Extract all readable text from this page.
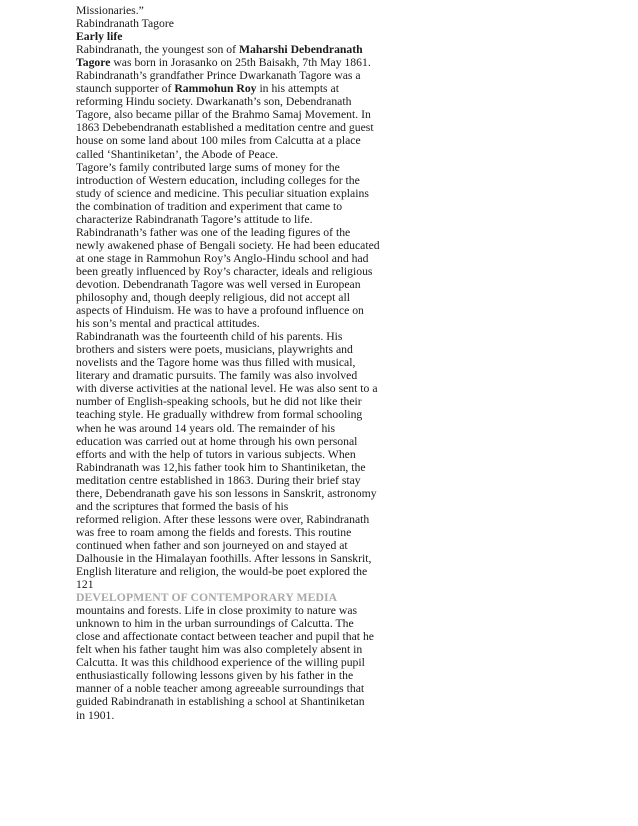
Missionaries.”
Rabindranath Tagore
Early life
Rabindranath, the youngest son of Maharshi Debendranath
Tagore was born in Jorasanko on 25th Baisakh, 7th May 1861.
Rabindranath’s grandfather Prince Dwarkanath Tagore was a
staunch supporter of Rammohun Roy in his attempts at
reforming Hindu society. Dwarkanath’s son, Debendranath
Tagore, also became pillar of the Brahmo Samaj Movement. In
1863 Debebendranath established a meditation centre and guest
house on some land about 100 miles from Calcutta at a place
called ‘Shantiniketan’, the Abode of Peace.
Tagore’s family contributed large sums of money for the
introduction of Western education, including colleges for the
study of science and medicine. This peculiar situation explains
the combination of tradition and experiment that came to
characterize Rabindranath Tagore’s attitude to life.
Rabindranath’s father was one of the leading figures of the
newly awakened phase of Bengali society. He had been educated
at one stage in Rammohun Roy’s Anglo-Hindu school and had
been greatly influenced by Roy’s character, ideals and religious
devotion. Debendranath Tagore was well versed in European
philosophy and, though deeply religious, did not accept all
aspects of Hinduism. He was to have a profound influence on
his son’s mental and practical attitudes.
Rabindranath was the fourteenth child of his parents. His
brothers and sisters were poets, musicians, playwrights and
novelists and the Tagore home was thus filled with musical,
literary and dramatic pursuits. The family was also involved
with diverse activities at the national level. He was also sent to a
number of English-speaking schools, but he did not like their
teaching style. He gradually withdrew from formal schooling
when he was around 14 years old. The remainder of his
education was carried out at home through his own personal
efforts and with the help of tutors in various subjects. When
Rabindranath was 12,his father took him to Shantiniketan, the
meditation centre established in 1863. During their brief stay
there, Debendranath gave his son lessons in Sanskrit, astronomy
and the scriptures that formed the basis of his
reformed religion. After these lessons were over, Rabindranath
was free to roam among the fields and forests. This routine
continued when father and son journeyed on and stayed at
Dalhousie in the Himalayan foothills. After lessons in Sanskrit,
English literature and religion, the would-be poet explored the
121
DEVELOPMENT OF CONTEMPORARY MEDIA
mountains and forests. Life in close proximity to nature was
unknown to him in the urban surroundings of Calcutta. The
close and affectionate contact between teacher and pupil that he
felt when his father taught him was also completely absent in
Calcutta. It was this childhood experience of the willing pupil
enthusiastically following lessons given by his father in the
manner of a noble teacher among agreeable surroundings that
guided Rabindranath in establishing a school at Shantiniketan
in 1901.
